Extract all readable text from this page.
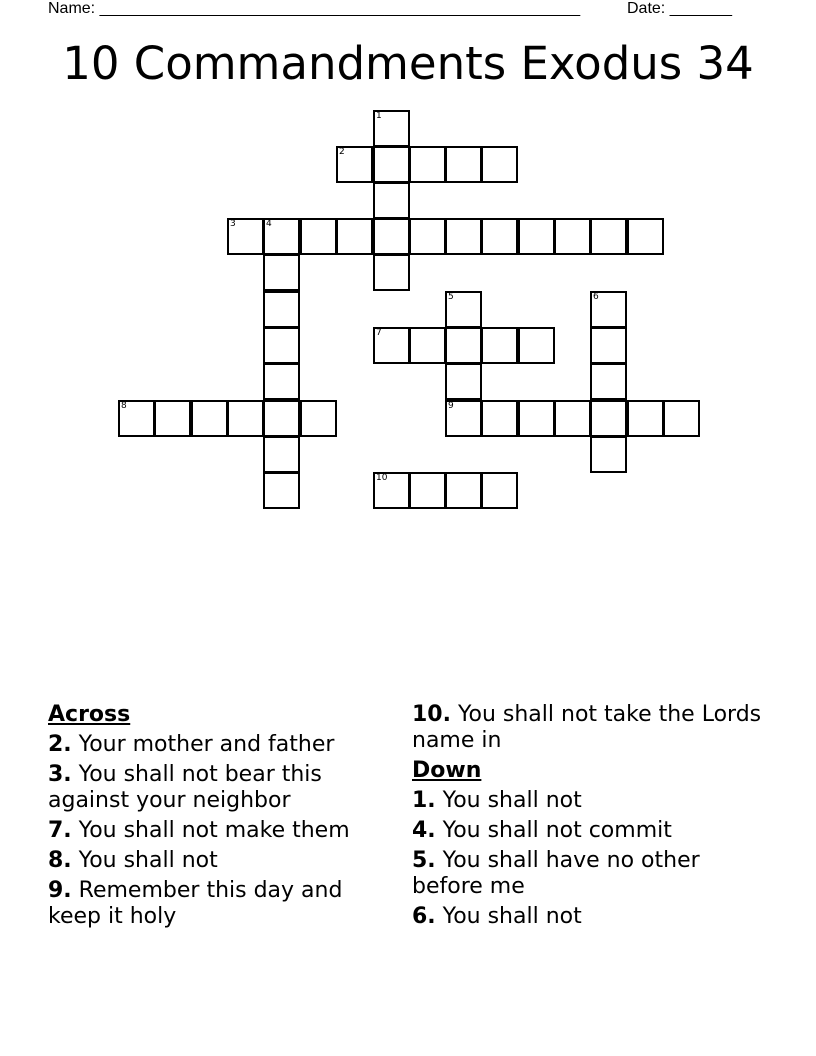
Name: ______________________________________________________	Date: _______
10 Commandments Exodus 34
1
2
3	4
5
9
6
7
8
10
Across
2. Your mother and father
3. You shall not bear this against your neighbor
7. You shall not make them
8. You shall not
9. Remember this day and keep it holy
10. You shall not take the Lords name in
Down
1. You shall not
4. You shall not commit
5. You shall have no other before me
6. You shall not
